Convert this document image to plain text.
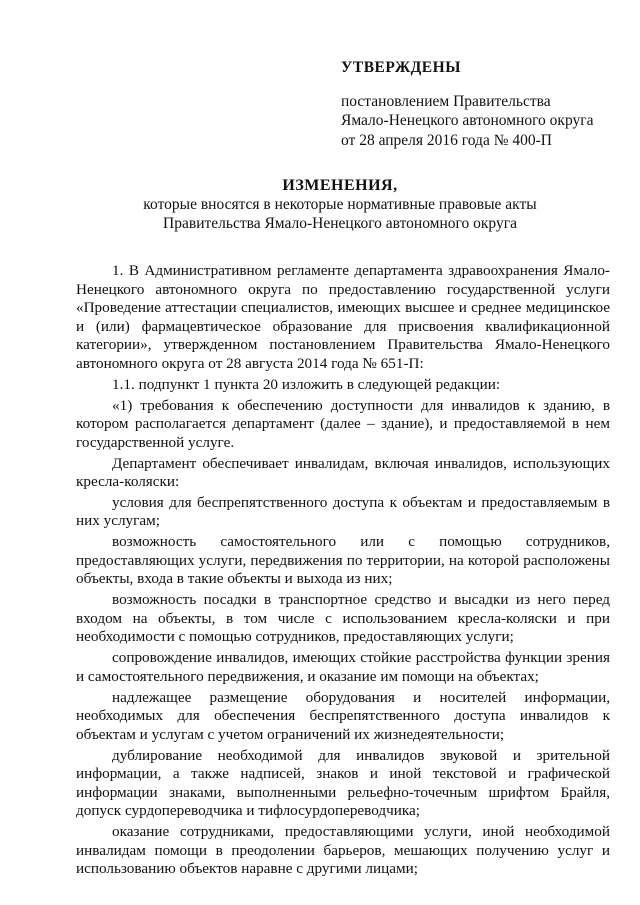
УТВЕРЖДЕНЫ
постановлением Правительства
Ямало-Ненецкого автономного округа
от 28 апреля 2016 года № 400-П
ИЗМЕНЕНИЯ,
которые вносятся в некоторые нормативные правовые акты
Правительства Ямало-Ненецкого автономного округа

1. В Административном регламенте департамента здравоохранения Ямало-Ненецкого автономного округа по предоставлению государственной услуги «Проведение аттестации специалистов, имеющих высшее и среднее медицинское и (или) фармацевтическое образование для присвоения квалификационной категории», утвержденном постановлением Правительства Ямало-Ненецкого автономного округа от 28 августа 2014 года № 651-П:

1.1. подпункт 1 пункта 20 изложить в следующей редакции:

«1) требования к обеспечению доступности для инвалидов к зданию, в котором располагается департамент (далее – здание), и предоставляемой в нем государственной услуге.

Департамент обеспечивает инвалидам, включая инвалидов, использующих кресла-коляски:

условия для беспрепятственного доступа к объектам и предоставляемым в них услугам;

возможность самостоятельного или с помощью сотрудников, предоставляющих услуги, передвижения по территории, на которой расположены объекты, входа в такие объекты и выхода из них;

возможность посадки в транспортное средство и высадки из него перед входом на объекты, в том числе с использованием кресла-коляски и при необходимости с помощью сотрудников, предоставляющих услуги;

сопровождение инвалидов, имеющих стойкие расстройства функции зрения и самостоятельного передвижения, и оказание им помощи на объектах;

надлежащее размещение оборудования и носителей информации, необходимых для обеспечения беспрепятственного доступа инвалидов к объектам и услугам с учетом ограничений их жизнедеятельности;

дублирование необходимой для инвалидов звуковой и зрительной информации, а также надписей, знаков и иной текстовой и графической информации знаками, выполненными рельефно-точечным шрифтом Брайля, допуск сурдопереводчика и тифлосурдопереводчика;

оказание сотрудниками, предоставляющими услуги, иной необходимой инвалидам помощи в преодолении барьеров, мешающих получению услуг и использованию объектов наравне с другими лицами;
